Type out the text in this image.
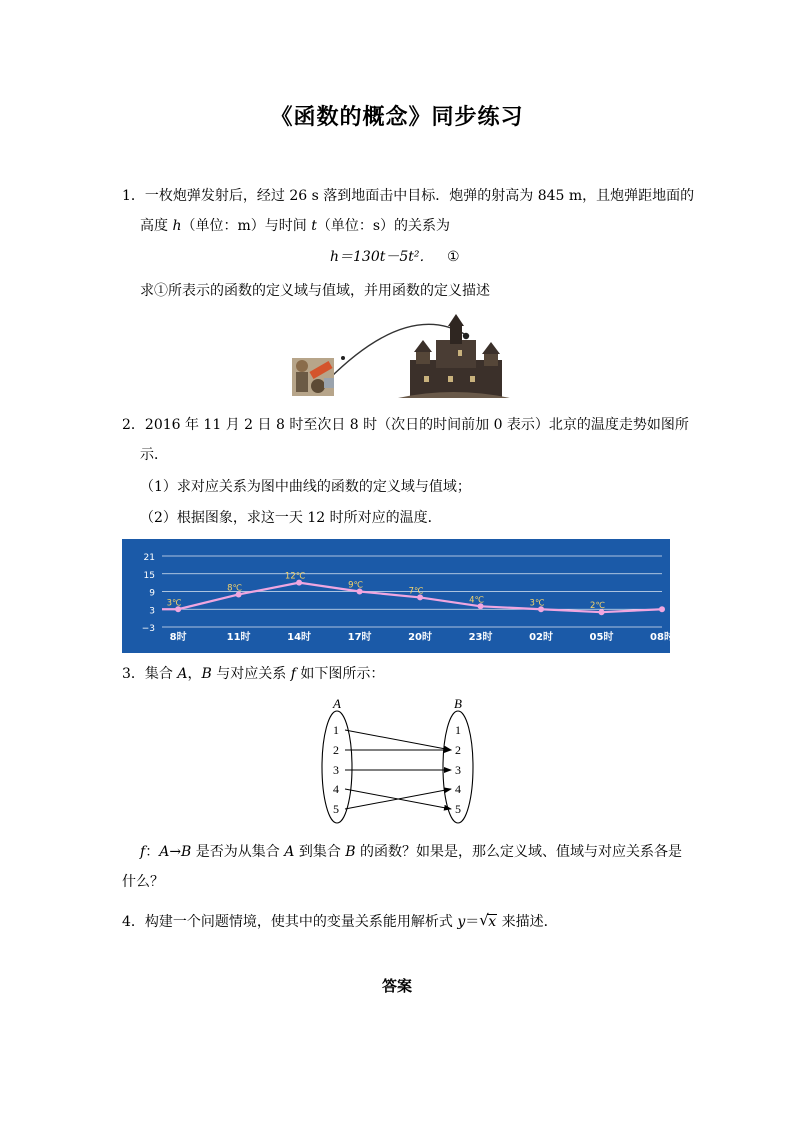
《函数的概念》同步练习
1．一枚炮弹发射后，经过 26 s 落到地面击中目标．炮弹的射高为 845 m，且炮弹距地面的
高度 h（单位：m）与时间 t（单位：s）的关系为
h＝130t－5t²． ①
求①所表示的函数的定义域与值域，并用函数的定义描述
2．2016 年 11 月 2 日 8 时至次日 8 时（次日的时间前加 0 表示）北京的温度走势如图所
示．
（1）求对应关系为图中曲线的函数的定义域与值域；
（2）根据图象，求这一天 12 时所对应的温度．
21
15
9
3
−3
3℃
8℃
12℃
9℃
7℃
4℃	3℃	2℃
8时	11时	14时	17时	20时	23时	02时	05时	08时
3．集合 A，B 与对应关系 f 如下图所示：
A	B
1
2
3
4
5
1
2
3
4
5
f：A→B 是否为从集合 A 到集合 B 的函数？如果是，那么定义域、值域与对应关系各是
什么？
4．构建一个问题情境，使其中的变量关系能用解析式 y＝ √ x 来描述．
答案
